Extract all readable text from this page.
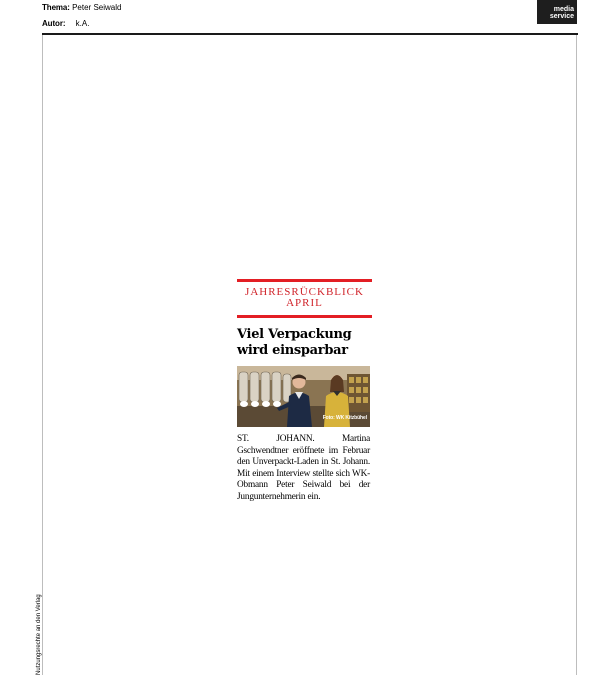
Thema: Peter Seiwald
Autor: k.A.
media
service
Nutzungsrechte an den Verlag
JAHRESRÜCKBLICK
APRIL
Viel Verpackung
wird einsparbar
Foto: WK Kitzbühel
ST. JOHANN. Martina Gschwendtner eröffnete im Februar den Unverpackt-Laden in St. Johann. Mit einem Interview stellte sich WK-Obmann Peter Seiwald bei der Jungunternehmerin ein.
